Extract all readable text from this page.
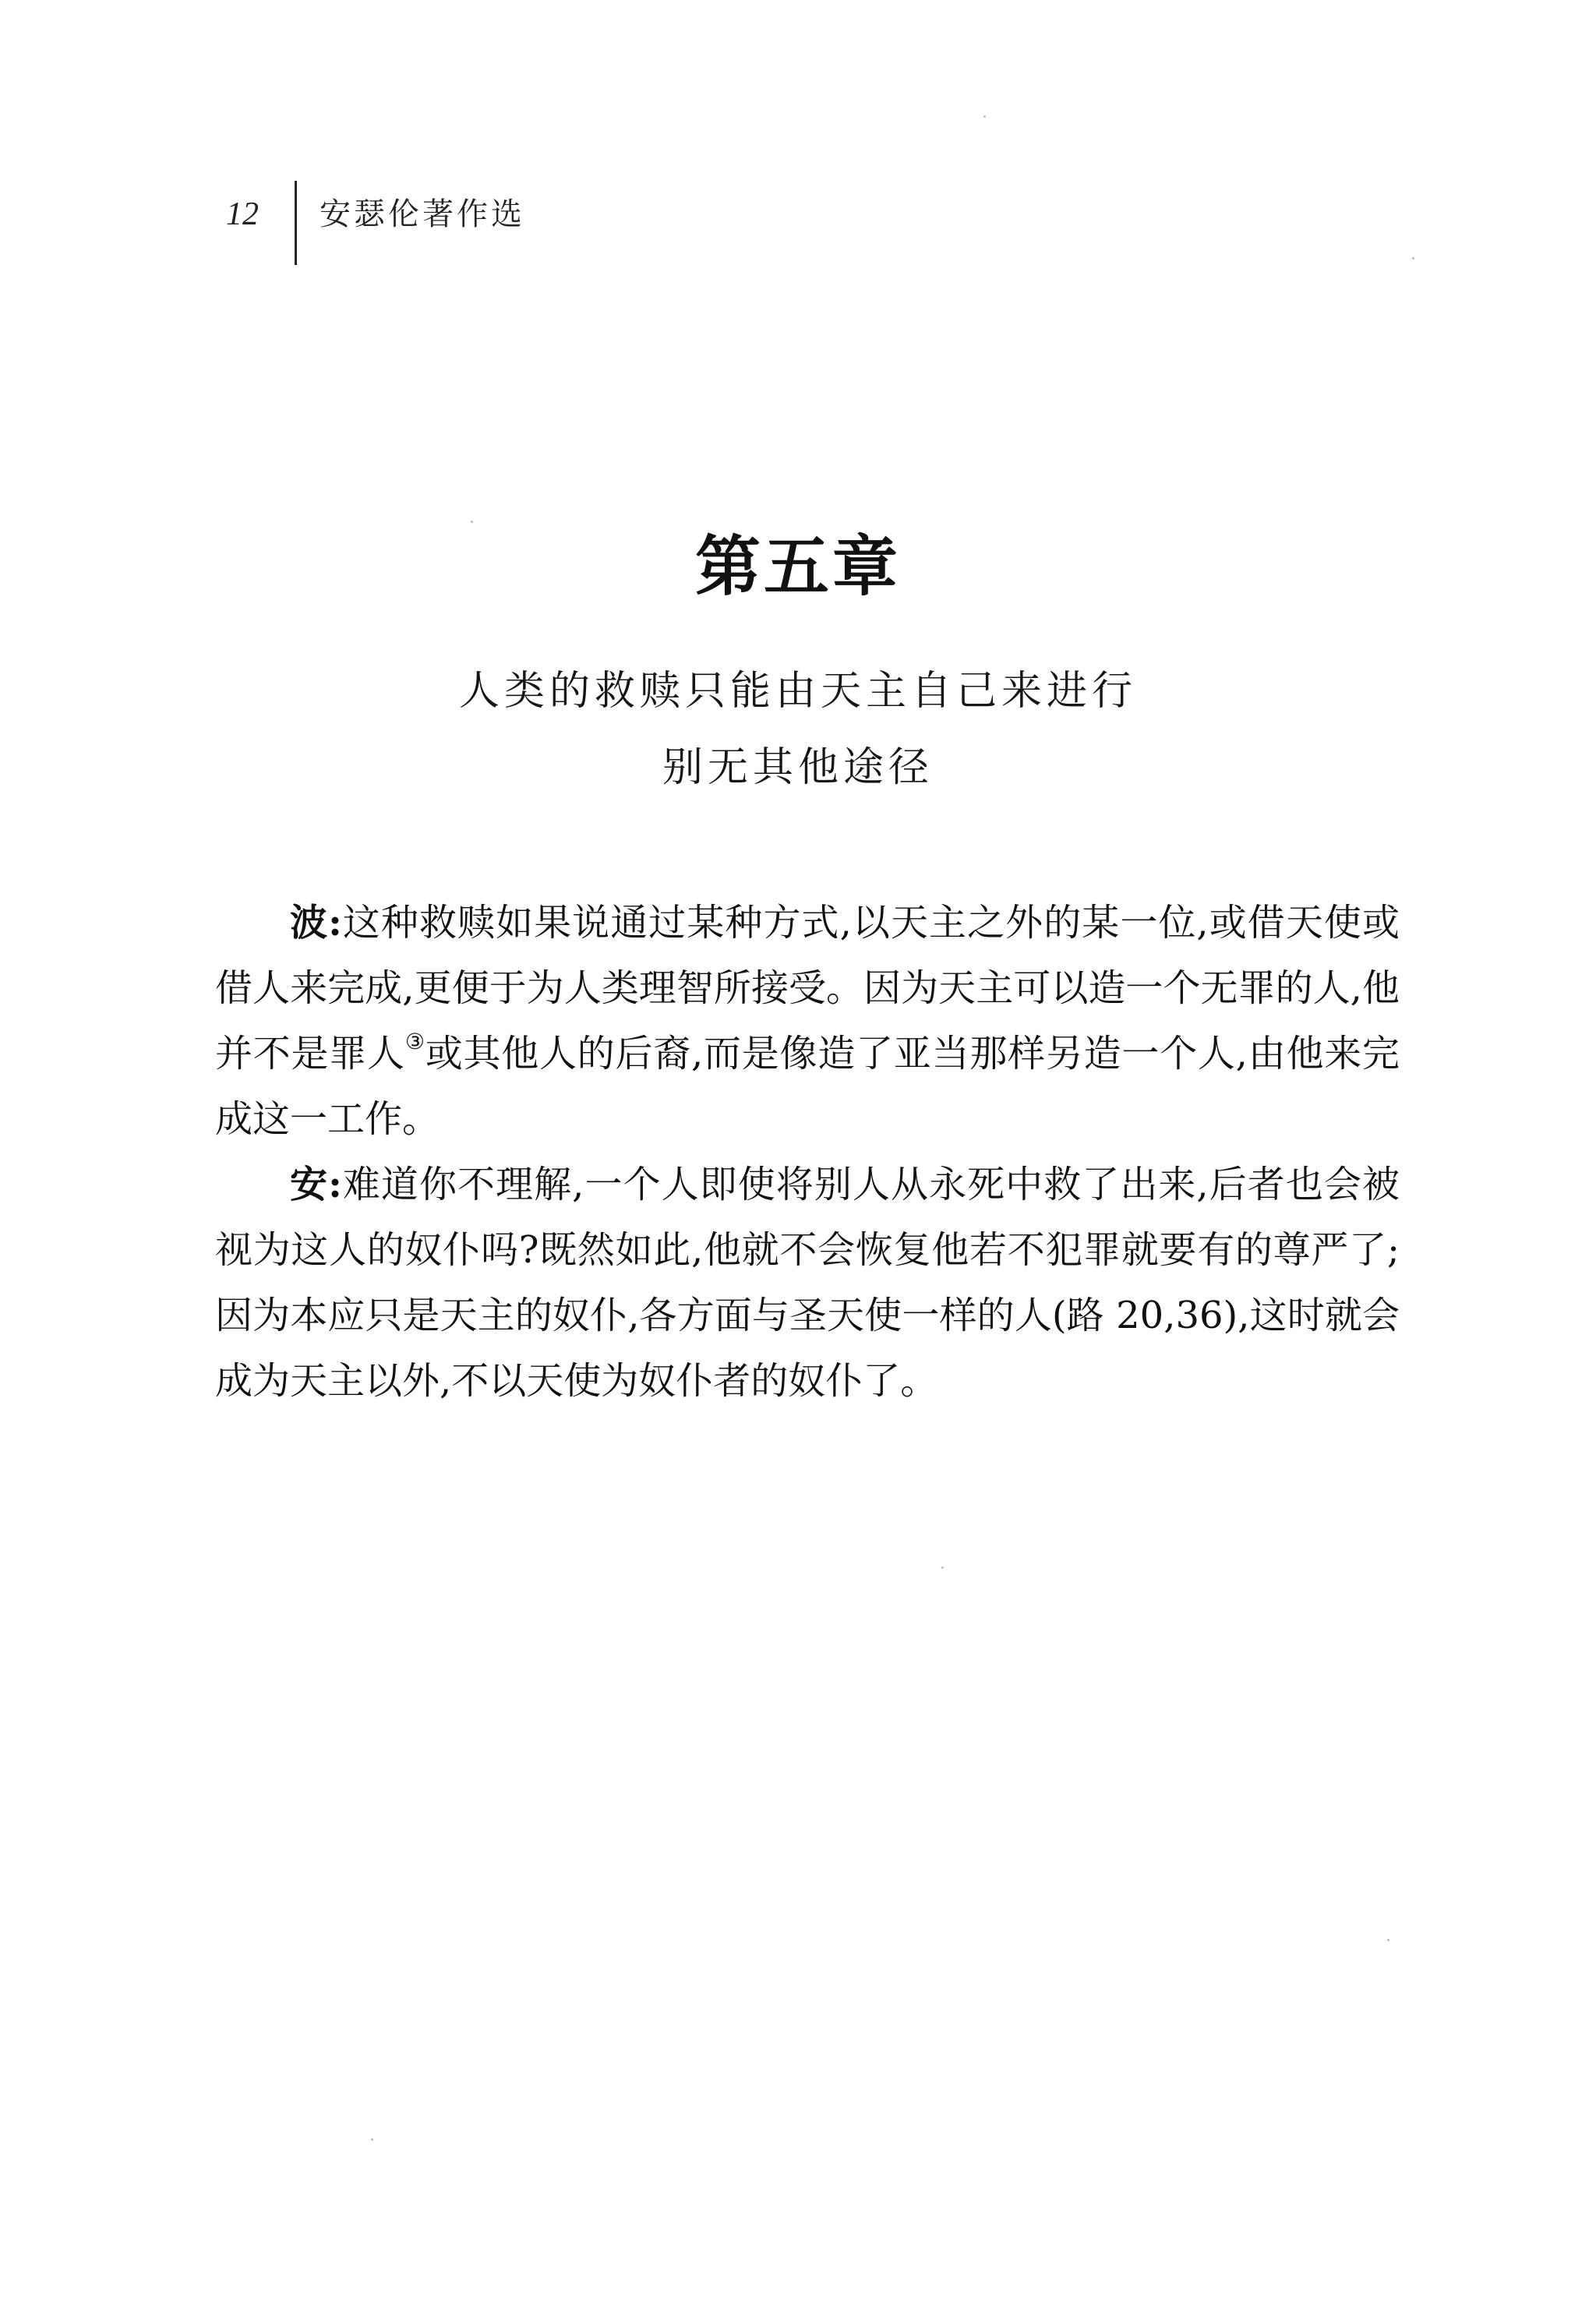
12 安瑟伦著作选
第五章
人类的救赎只能由天主自己来进行
别无其他途径

波:这种救赎如果说通过某种方式,以天主之外的某一位,或借天使或借人来完成,更便于为人类理智所接受。因为天主可以造一个无罪的人,他并不是罪人③或其他人的后裔,而是像造了亚当那样另造一个人,由他来完成这一工作。

安:难道你不理解,一个人即使将别人从永死中救了出来,后者也会被视为这人的奴仆吗?既然如此,他就不会恢复他若不犯罪就要有的尊严了;因为本应只是天主的奴仆,各方面与圣天使一样的人(路 20,36),这时就会成为天主以外,不以天使为奴仆者的奴仆了。
